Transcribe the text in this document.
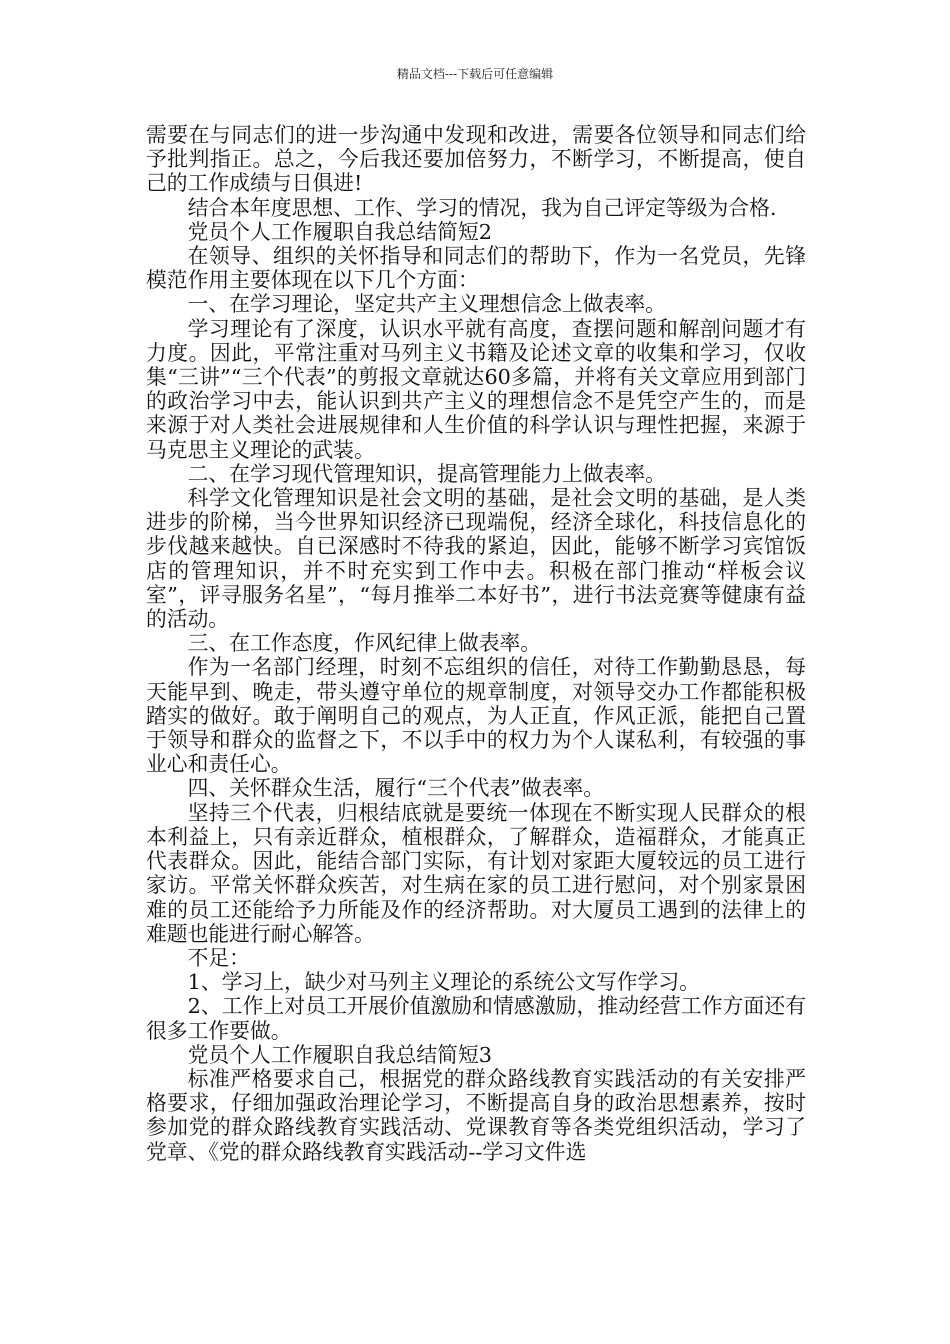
精品文档---下载后可任意编辑

需要在与同志们的进一步沟通中发现和改进，需要各位领导和同志们给予批判指正。总之，今后我还要加倍努力，不断学习，不断提高，使自己的工作成绩与日俱进!

结合本年度思想、工作、学习的情况，我为自己评定等级为合格.

党员个人工作履职自我总结简短2

在领导、组织的关怀指导和同志们的帮助下，作为一名党员，先锋模范作用主要体现在以下几个方面：

一、在学习理论，坚定共产主义理想信念上做表率。

学习理论有了深度，认识水平就有高度，查摆问题和解剖问题才有力度。因此，平常注重对马列主义书籍及论述文章的收集和学习，仅收集“三讲”“三个代表”的剪报文章就达60多篇，并将有关文章应用到部门的政治学习中去，能认识到共产主义的理想信念不是凭空产生的，而是来源于对人类社会进展规律和人生价值的科学认识与理性把握，来源于马克思主义理论的武装。

二、在学习现代管理知识，提高管理能力上做表率。

科学文化管理知识是社会文明的基础，是社会文明的基础，是人类进步的阶梯，当今世界知识经济已现端倪，经济全球化，科技信息化的步伐越来越快。自已深感时不待我的紧迫，因此，能够不断学习宾馆饭店的管理知识，并不时充实到工作中去。积极在部门推动“样板会议室”，评寻服务名星”，“每月推举二本好书”，进行书法竞赛等健康有益的活动。

三、在工作态度，作风纪律上做表率。

作为一名部门经理，时刻不忘组织的信任，对待工作勤勤恳恳，每天能早到、晚走，带头遵守单位的规章制度，对领导交办工作都能积极踏实的做好。敢于阐明自己的观点，为人正直，作风正派，能把自己置于领导和群众的监督之下，不以手中的权力为个人谋私利，有较强的事业心和责任心。

四、关怀群众生活，履行“三个代表”做表率。

坚持三个代表，归根结底就是要统一体现在不断实现人民群众的根本利益上，只有亲近群众，植根群众，了解群众，造福群众，才能真正代表群众。因此，能结合部门实际，有计划对家距大厦较远的员工进行家访。平常关怀群众疾苦，对生病在家的员工进行慰问，对个别家景困难的员工还能给予力所能及作的经济帮助。对大厦员工遇到的法律上的难题也能进行耐心解答。

不足：

1、学习上，缺少对马列主义理论的系统公文写作学习。

2、工作上对员工开展价值激励和情感激励，推动经营工作方面还有很多工作要做。

党员个人工作履职自我总结简短3

标准严格要求自己，根据党的群众路线教育实践活动的有关安排严格要求，仔细加强政治理论学习，不断提高自身的政治思想素养，按时参加党的群众路线教育实践活动、党课教育等各类党组织活动，学习了党章、《党的群众路线教育实践活动--学习文件选
